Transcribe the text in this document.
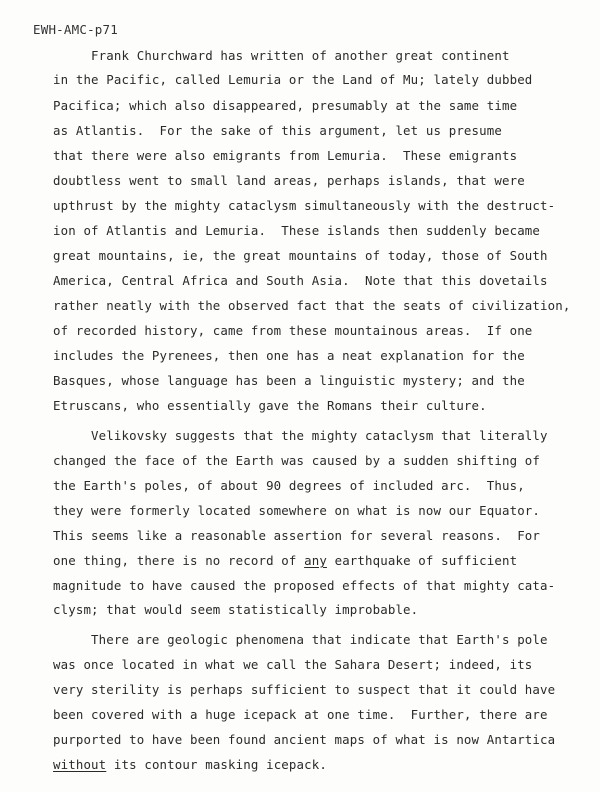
EWH-AMC-p71
Frank Churchward has written of another great continent
in the Pacific, called Lemuria or the Land of Mu; lately dubbed
Pacifica; which also disappeared, presumably at the same time
as Atlantis.  For the sake of this argument, let us presume
that there were also emigrants from Lemuria.  These emigrants
doubtless went to small land areas, perhaps islands, that were
upthrust by the mighty cataclysm simultaneously with the destruct-
ion of Atlantis and Lemuria.  These islands then suddenly became
great mountains, ie, the great mountains of today, those of South
America, Central Africa and South Asia.  Note that this dovetails
rather neatly with the observed fact that the seats of civilization,
of recorded history, came from these mountainous areas.  If one
includes the Pyrenees, then one has a neat explanation for the
Basques, whose language has been a linguistic mystery; and the
Etruscans, who essentially gave the Romans their culture.
Velikovsky suggests that the mighty cataclysm that literally
changed the face of the Earth was caused by a sudden shifting of
the Earth's poles, of about 90 degrees of included arc.  Thus,
they were formerly located somewhere on what is now our Equator.
This seems like a reasonable assertion for several reasons.  For
one thing, there is no record of any earthquake of sufficient
magnitude to have caused the proposed effects of that mighty cata-
clysm; that would seem statistically improbable.
There are geologic phenomena that indicate that Earth's pole
was once located in what we call the Sahara Desert; indeed, its
very sterility is perhaps sufficient to suspect that it could have
been covered with a huge icepack at one time.  Further, there are
purported to have been found ancient maps of what is now Antartica
without its contour masking icepack.
